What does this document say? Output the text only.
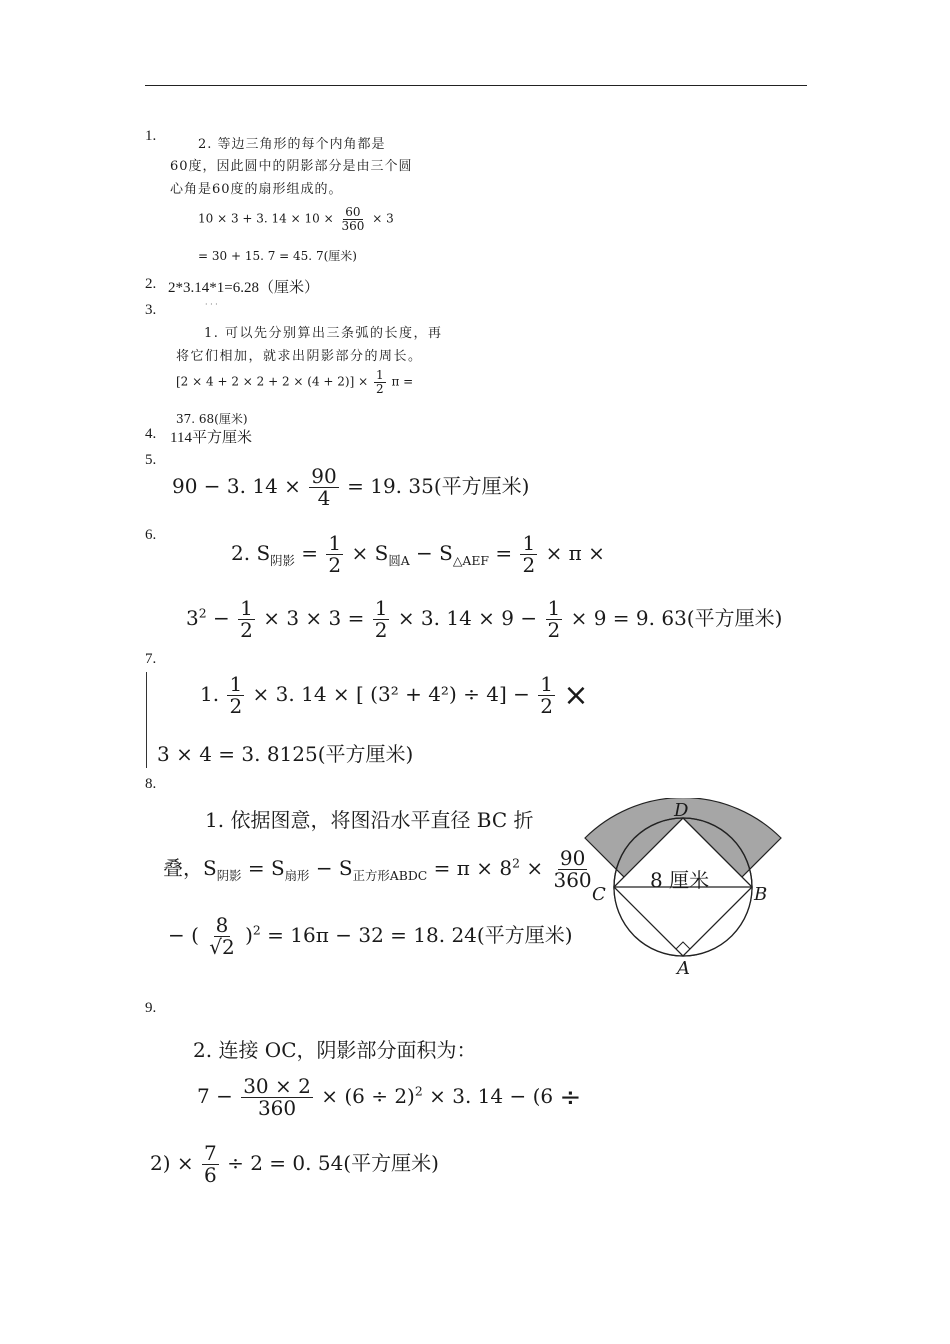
1.
2. 2*3.14*1=6.28（厘米）
3.
4. 114平方厘米
5.
6.
7.
8.
9.
2. 等边三角形的每个内角都是
60度，因此圆中的阴影部分是由三个圆
心角是60度的扇形组成的。
10 × 3 + 3. $14 \times 10 \times \frac{60}{360} \times 3$
= 30 + 15. 7 = 45. 7(厘米)
· · ·
1. 可以先分别算出三条弧的长度，再
将它们相加，就求出阴影部分的周长。
$[2 \times 4 + 2 \times 2 + 2 \times (4 + 2)] \times \frac{1}{2}$ π =
37. 68(厘米)
90 − 3. $14 \times \frac{90}{4} = 19$. 35(平方厘米)
2. $S_{阴影} = \frac{1}{2} \times S_{圆A} - S_{\triangle AEF} = \frac{1}{2} \times \pi$ ×
$3^2 - \frac{1}{2} \times 3 \times 3 = \frac{1}{2} \times 3$. $14 \times 9 - \frac{1}{2} \times 9 = 9$. 63(平方厘米)
1. $\frac{1}{2} \times 3$. 14 × [ $(3^2 + 4^2) \div 4] - \frac{1}{2}$ ×
3 × 4 = 3. 8125(平方厘米)
1. 依据图意，将图沿水平直径 BC 折
叠，$S_{阴影} = S_{扇形} - S_{正方形ABDC} = \pi \times 8^2 \times \frac{90}{360}$
− ( $\frac{8}{√2} )^2 = 16\pi - 32 = 18$. 24(平方厘米)
D
C	B
A
8 厘米
2. 连接 OC，阴影部分面积为：
$7 - \frac{30 \times 2}{360} \times (6 \div 2)^2 \times 3$. 14 − (6 ÷
$2) \times \frac{7}{6} \div 2 = 0$. 54(平方厘米)
